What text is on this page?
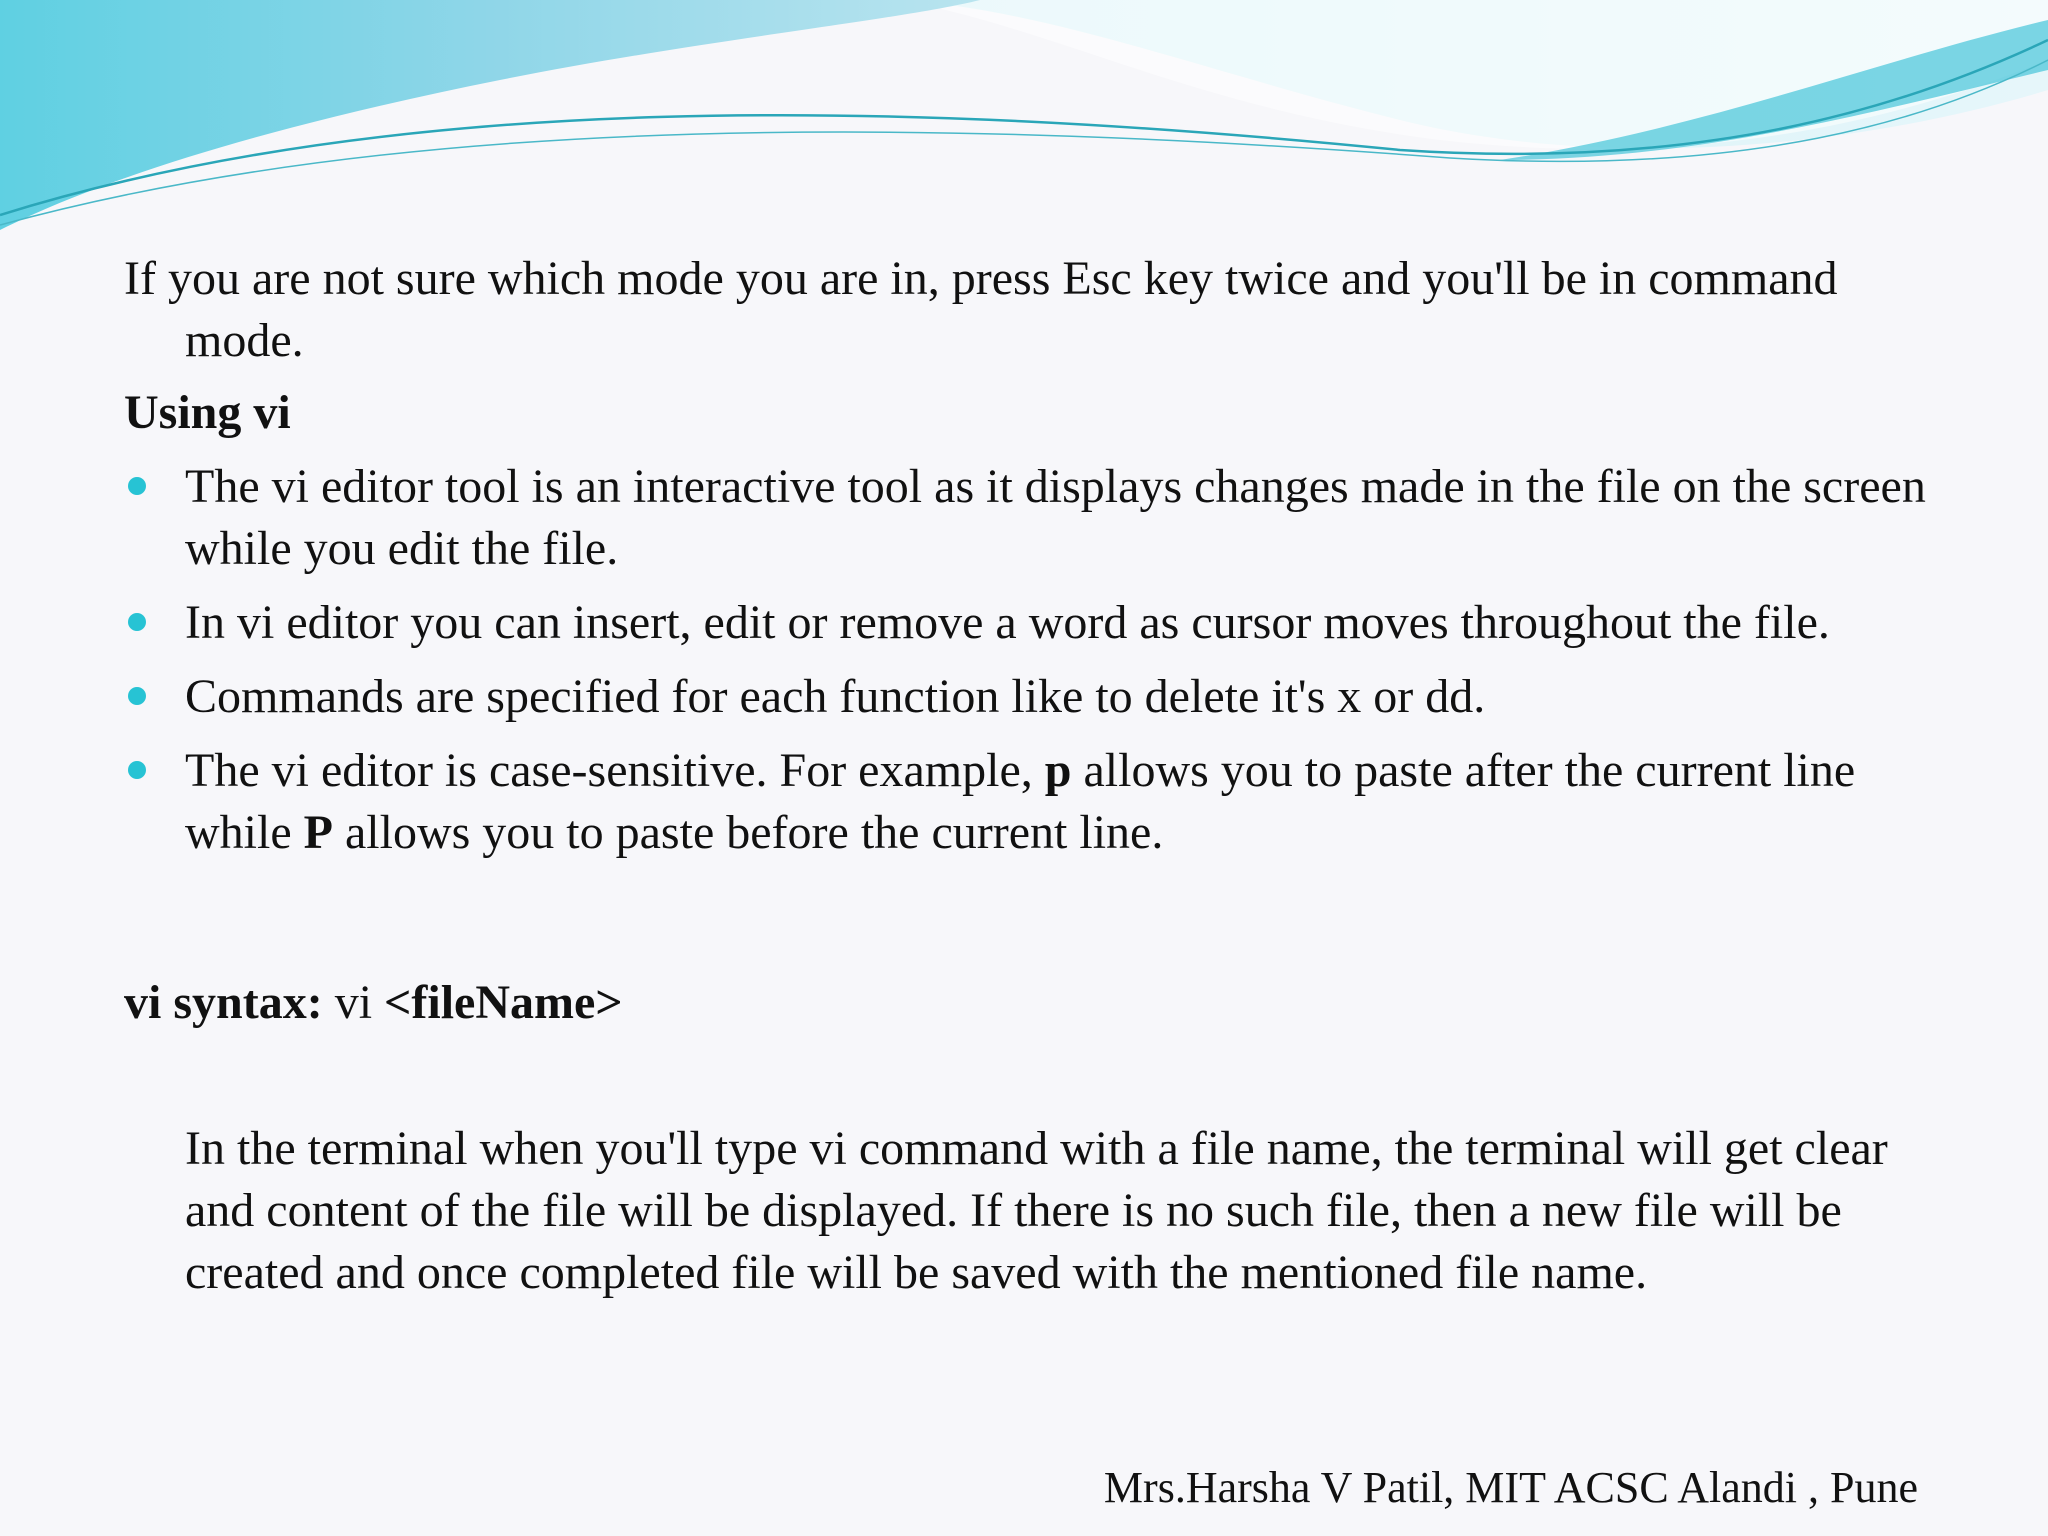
If you are not sure which mode you are in, press Esc key twice and you'll be in command mode.

Using vi
The vi editor tool is an interactive tool as it displays changes made in the file on the screen while you edit the file.
In vi editor you can insert, edit or remove a word as cursor moves throughout the file.
Commands are specified for each function like to delete it's x or dd.
The vi editor is case-sensitive. For example, p allows you to paste after the current line while P allows you to paste before the current line.

vi syntax: vi <fileName>

In the terminal when you'll type vi command with a file name, the terminal will get clear and content of the file will be displayed. If there is no such file, then a new file will be created and once completed file will be saved with the mentioned file name.

Mrs.Harsha V Patil, MIT ACSC Alandi , Pune
